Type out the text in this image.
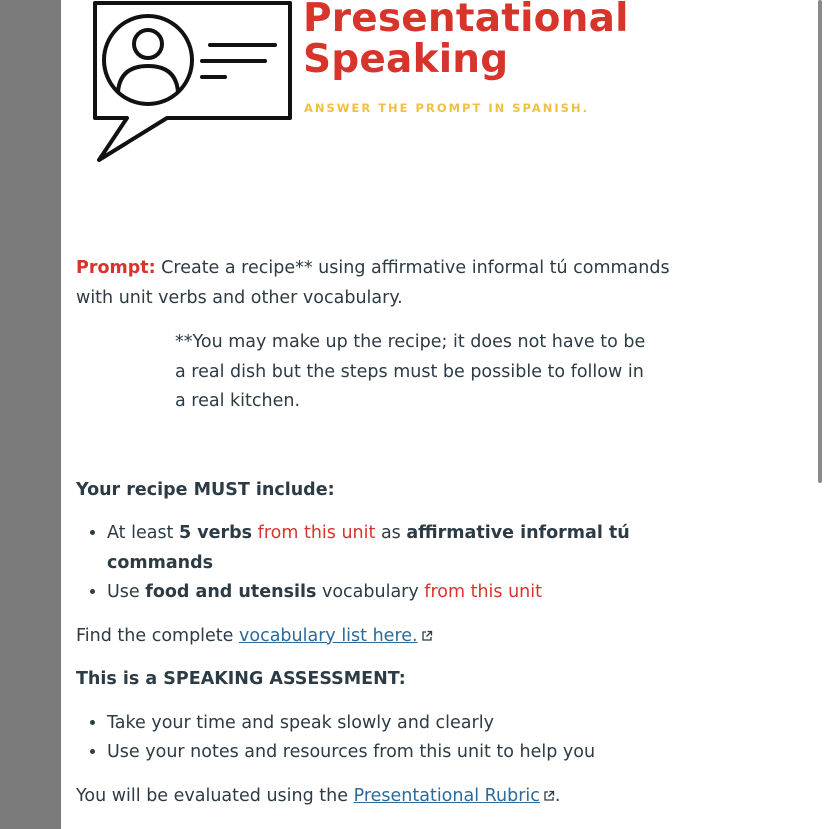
Presentational
Speaking
ANSWER THE PROMPT IN SPANISH.

Prompt: Create a recipe** using affirmative informal tú commands with unit verbs and other vocabulary.

**You may make up the recipe; it does not have to be a real dish but the steps must be possible to follow in a real kitchen.

Your recipe MUST include:

• At least 5 verbs from this unit as affirmative informal tú commands
• Use food and utensils vocabulary from this unit

Find the complete vocabulary list here.

This is a SPEAKING ASSESSMENT:

• Take your time and speak slowly and clearly
• Use your notes and resources from this unit to help you

You will be evaluated using the Presentational Rubric .
